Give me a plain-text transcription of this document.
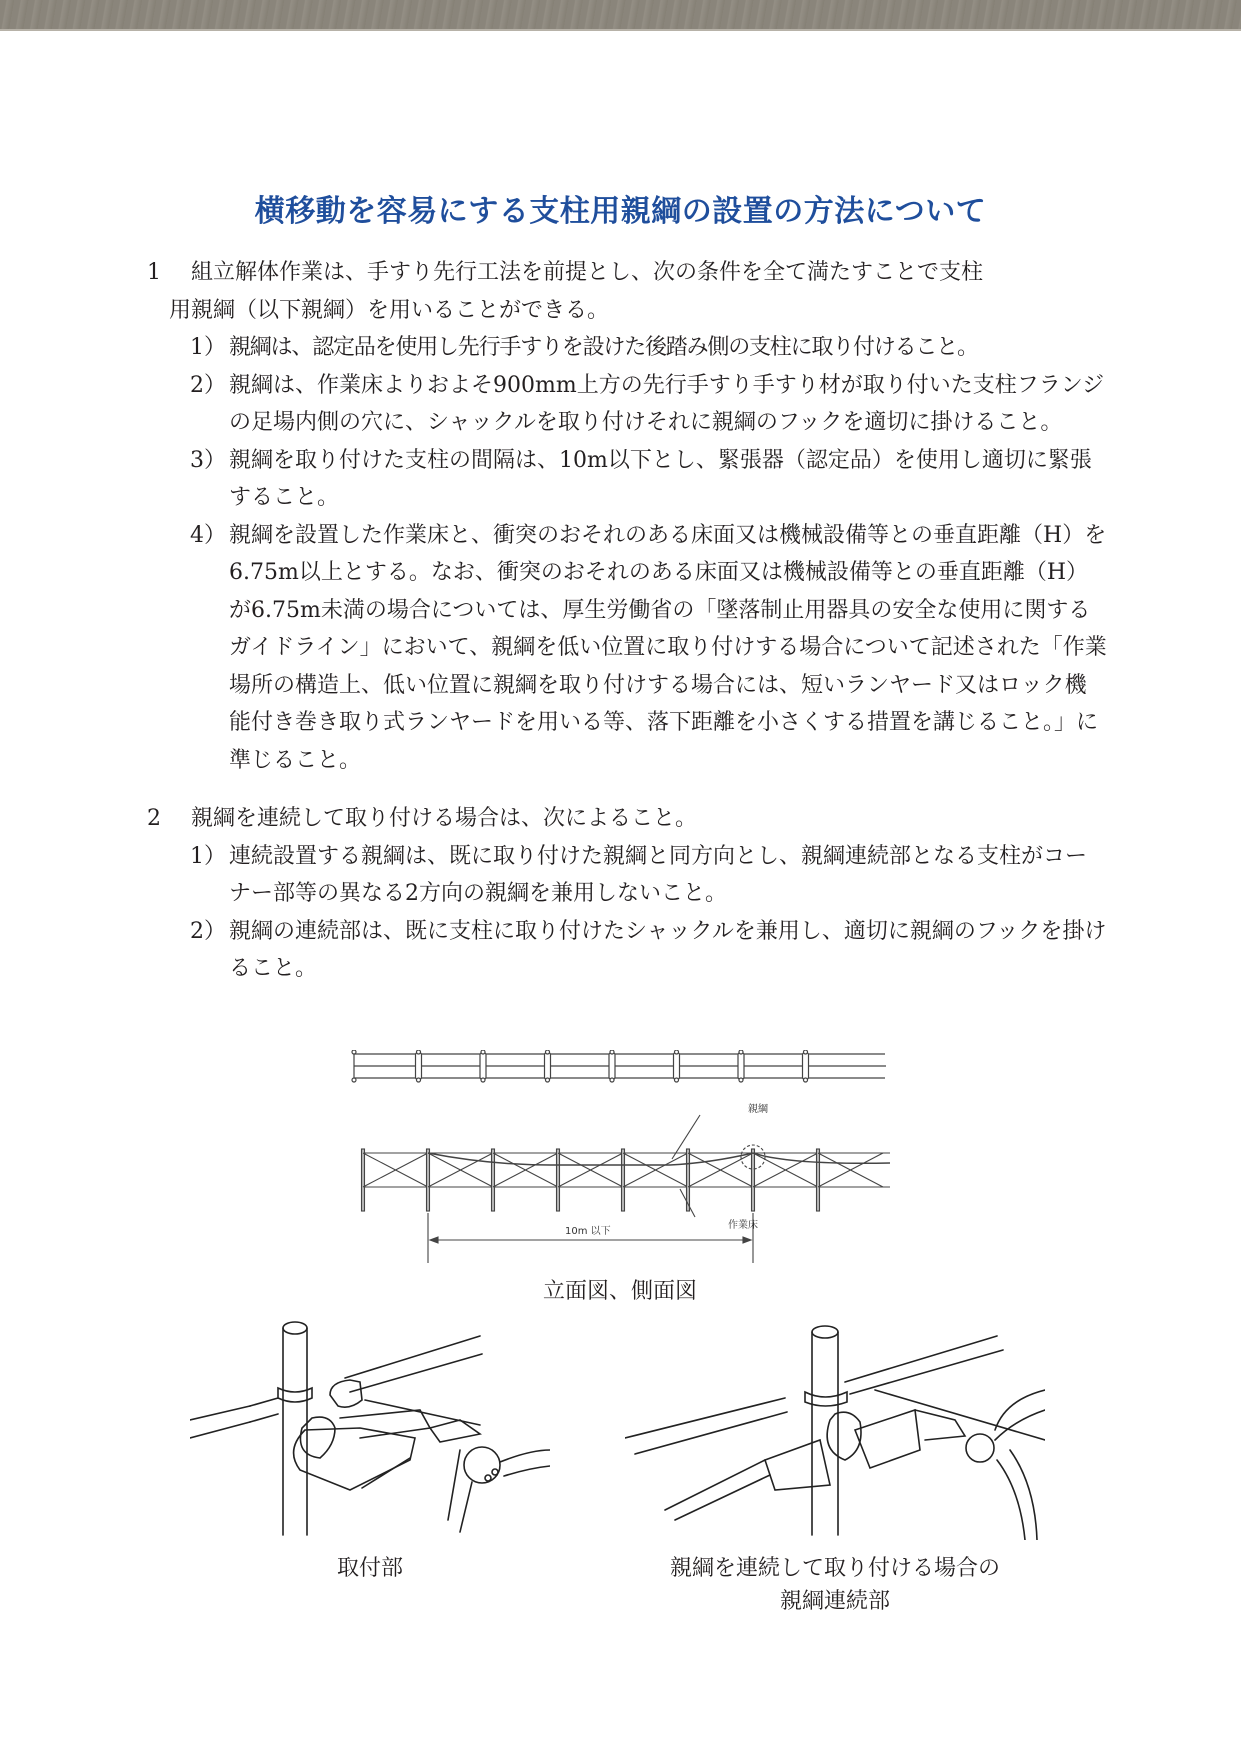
横移動を容易にする支柱用親綱の設置の方法について
1 組立解体作業は、手すり先行工法を前提とし、次の条件を全て満たすことで支柱
用親綱（以下親綱）を用いることができる。
1） 親綱は、認定品を使用し先行手すりを設けた後踏み側の支柱に取り付けること。
2） 親綱は、作業床よりおよそ900mm上方の先行手すり手すり材が取り付いた支柱フランジの足場内側の穴に、シャックルを取り付けそれに親綱のフックを適切に掛けること。
3） 親綱を取り付けた支柱の間隔は、10m以下とし、緊張器（認定品）を使用し適切に緊張すること。
4） 親綱を設置した作業床と、衝突のおそれのある床面又は機械設備等との垂直距離（H）を6.75m以上とする。なお、衝突のおそれのある床面又は機械設備等との垂直距離（H）が6.75m未満の場合については、厚生労働省の「墜落制止用器具の安全な使用に関するガイドライン」において、親綱を低い位置に取り付けする場合について記述された「作業場所の構造上、低い位置に親綱を取り付けする場合には、短いランヤード又はロック機能付き巻き取り式ランヤードを用いる等、落下距離を小さくする措置を講じること。」に準じること。
2 親綱を連続して取り付ける場合は、次によること。
1） 連続設置する親綱は、既に取り付けた親綱と同方向とし、親綱連続部となる支柱がコーナー部等の異なる2方向の親綱を兼用しないこと。
2） 親綱の連続部は、既に支柱に取り付けたシャックルを兼用し、適切に親綱のフックを掛けること。
親綱
作業床
10m 以下
立面図、側面図
取付部	親綱を連続して取り付ける場合の
親綱連続部
